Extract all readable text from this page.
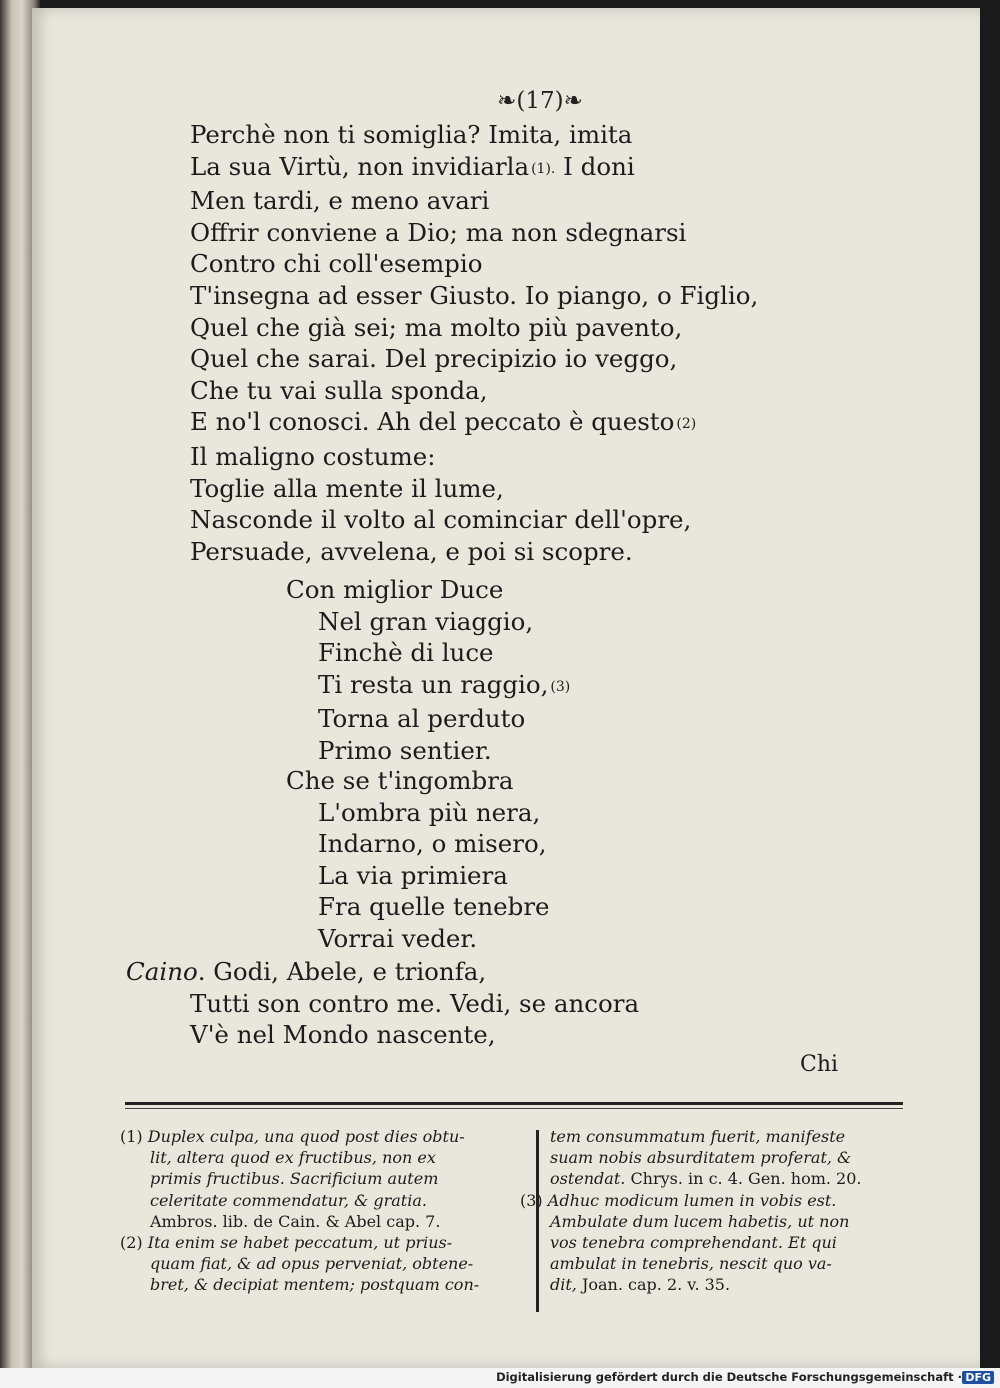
❧(17)❧
Perchè non ti somiglia? Imita, imita
La sua Virtù, non invidiarla (1). I doni
Men tardi, e meno avari
Offrir conviene a Dio; ma non sdegnarsi
Contro chi coll'esempio
T'insegna ad esser Giusto. Io piango, o Figlio,
Quel che già sei; ma molto più pavento,
Quel che sarai. Del precipizio io veggo,
Che tu vai sulla sponda,
E no'l conosci. Ah del peccato è questo (2)
Il maligno costume:
Toglie alla mente il lume,
Nasconde il volto al cominciar dell'opre,
Persuade, avvelena, e poi si scopre.
Con miglior Duce
Nel gran viaggio,
Finchè di luce
Ti resta un raggio, (3)
Torna al perduto
Primo sentier.
Che se t'ingombra
L'ombra più nera,
Indarno, o misero,
La via primiera
Fra quelle tenebre
Vorrai veder.
Caino. Godi, Abele, e trionfa,
Tutti son contro me. Vedi, se ancora
V'è nel Mondo nascente,
Chi
(1) Duplex culpa, una quod post dies obtu-
lit, altera quod ex fructibus, non ex
primis fructibus. Sacrificium autem
celeritate commendatur, & gratia.
Ambros. lib. de Cain. & Abel cap. 7.
(2) Ita enim se habet peccatum, ut prius-
quam fiat, & ad opus perveniat, obtene-
bret, & decipiat mentem; postquam con-
tem consummatum fuerit, manifeste
suam nobis absurditatem proferat, &
ostendat. Chrys. in c. 4. Gen. hom. 20.
(3) Adhuc modicum lumen in vobis est.
Ambulate dum lucem habetis, ut non
vos tenebra comprehendant. Et qui
ambulat in tenebris, nescit quo va-
dit, Joan. cap. 2. v. 35.
Digitalisierung gefördert durch die Deutsche Forschungsgemeinschaft · DFG
